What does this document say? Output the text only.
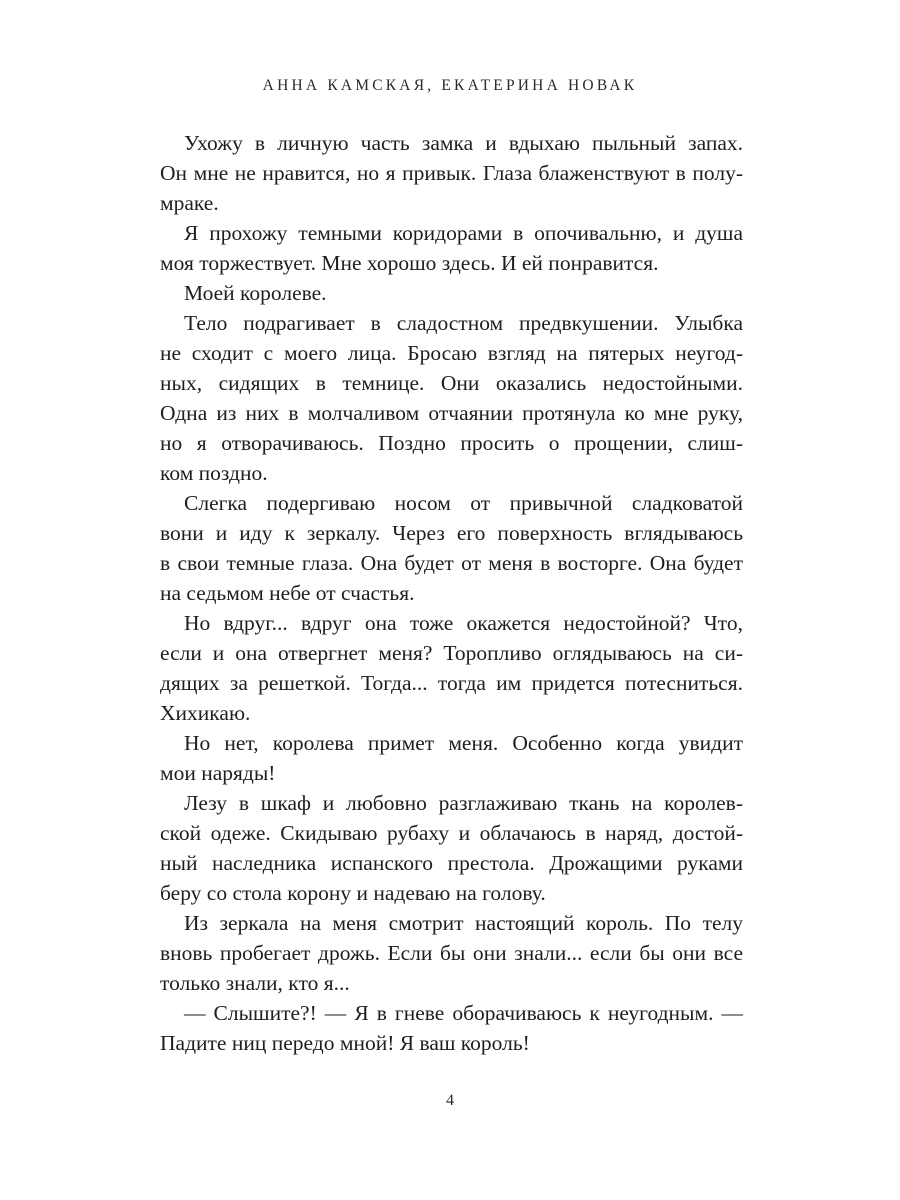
АННА КАМСКАЯ, ЕКАТЕРИНА НОВАК
Ухожу в личную часть замка и вдыхаю пыльный запах.
Он мне не нравится, но я привык. Глаза блаженствуют в полу-
мраке.
Я прохожу темными коридорами в опочивальню, и душа
моя торжествует. Мне хорошо здесь. И ей понравится.
Моей королеве.
Тело подрагивает в сладостном предвкушении. Улыбка
не сходит с моего лица. Бросаю взгляд на пятерых неугод-
ных, сидящих в темнице. Они оказались недостойными.
Одна из них в молчаливом отчаянии протянула ко мне руку,
но я отворачиваюсь. Поздно просить о прощении, слиш-
ком поздно.
Слегка подергиваю носом от привычной сладковатой
вони и иду к зеркалу. Через его поверхность вглядываюсь
в свои темные глаза. Она будет от меня в восторге. Она будет
на седьмом небе от счастья.
Но вдруг... вдруг она тоже окажется недостойной? Что,
если и она отвергнет меня? Торопливо оглядываюсь на си-
дящих за решеткой. Тогда... тогда им придется потесниться.
Хихикаю.
Но нет, королева примет меня. Особенно когда увидит
мои наряды!
Лезу в шкаф и любовно разглаживаю ткань на королев-
ской одеже. Скидываю рубаху и облачаюсь в наряд, достой-
ный наследника испанского престола. Дрожащими руками
беру со стола корону и надеваю на голову.
Из зеркала на меня смотрит настоящий король. По телу
вновь пробегает дрожь. Если бы они знали... если бы они все
только знали, кто я...
— Слышите?! — Я в гневе оборачиваюсь к неугодным. —
Падите ниц передо мной! Я ваш король!
4
